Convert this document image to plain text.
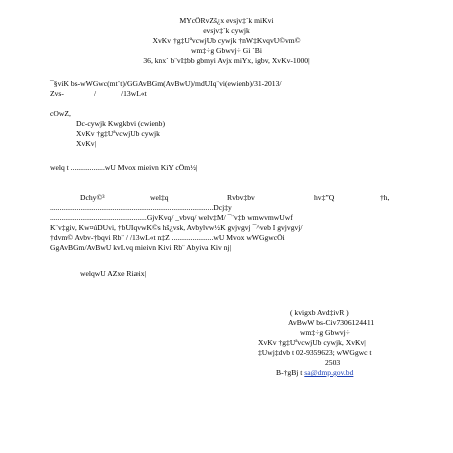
MYcÖRvZš¿x evsjv‡`k miKvi
evsjv‡`k cywjk
XvKv †g‡UªvcwjUb cywjk †nW‡KvqvU©vm©
wm‡÷g Gbwvj÷ Gi `Bi
36, knx` b¨vI‡bb gbmyi Avjx miYx, igbv, XvKv-1000|
¯§viK bs-wWGwc(mt¨t)/GGAvBGm(AvBwU)/mdUIq¨vi(ewienb)/31-2013/
Zvs-	/	/13wL«t
cOwZ,
Dc-cywjk Kwgkbvi (cwienb)
XvKv †g‡UªvcwjUb cywjk
XvKv|
welq t ..................wU Mvox mieivn KiY cÖm½|
Dchy©³	wel‡q	Rvbv‡bv	hv‡”Q	†h,
......................................................................................Dcj‡y
...................................................GjvKvq/ _vbvq/ welv‡M/ ¯¨v‡b wmwvmwUwf
K¨v‡giv, Kw¤úDUvi, †bUIqvwK©s hš¿vsk, Avbylvw½K gvjvgvj ¯^veb I gvjvgvj/
†dvm© Avbv-†bqvi Rb¨ / /13wL«t n‡Z ......................wU Mvox wWGgwcÖi
GgAvBGm/AvBwU kvLvq mieivn Kivi Rb¨ Abyiva Kiv nj|
welqwU AZxe Riæix|
( kvigxb Avd‡ivR )
AvBwW bs-Civ7306124411
wm‡÷g Gbwvj÷
XvKv †g‡UªvcwjUb cywjk, XvKv|
‡Uwj‡dvb t 02-9359623; wWGgwc t
2503
B-†gBj t sa@dmp.gov.bd
